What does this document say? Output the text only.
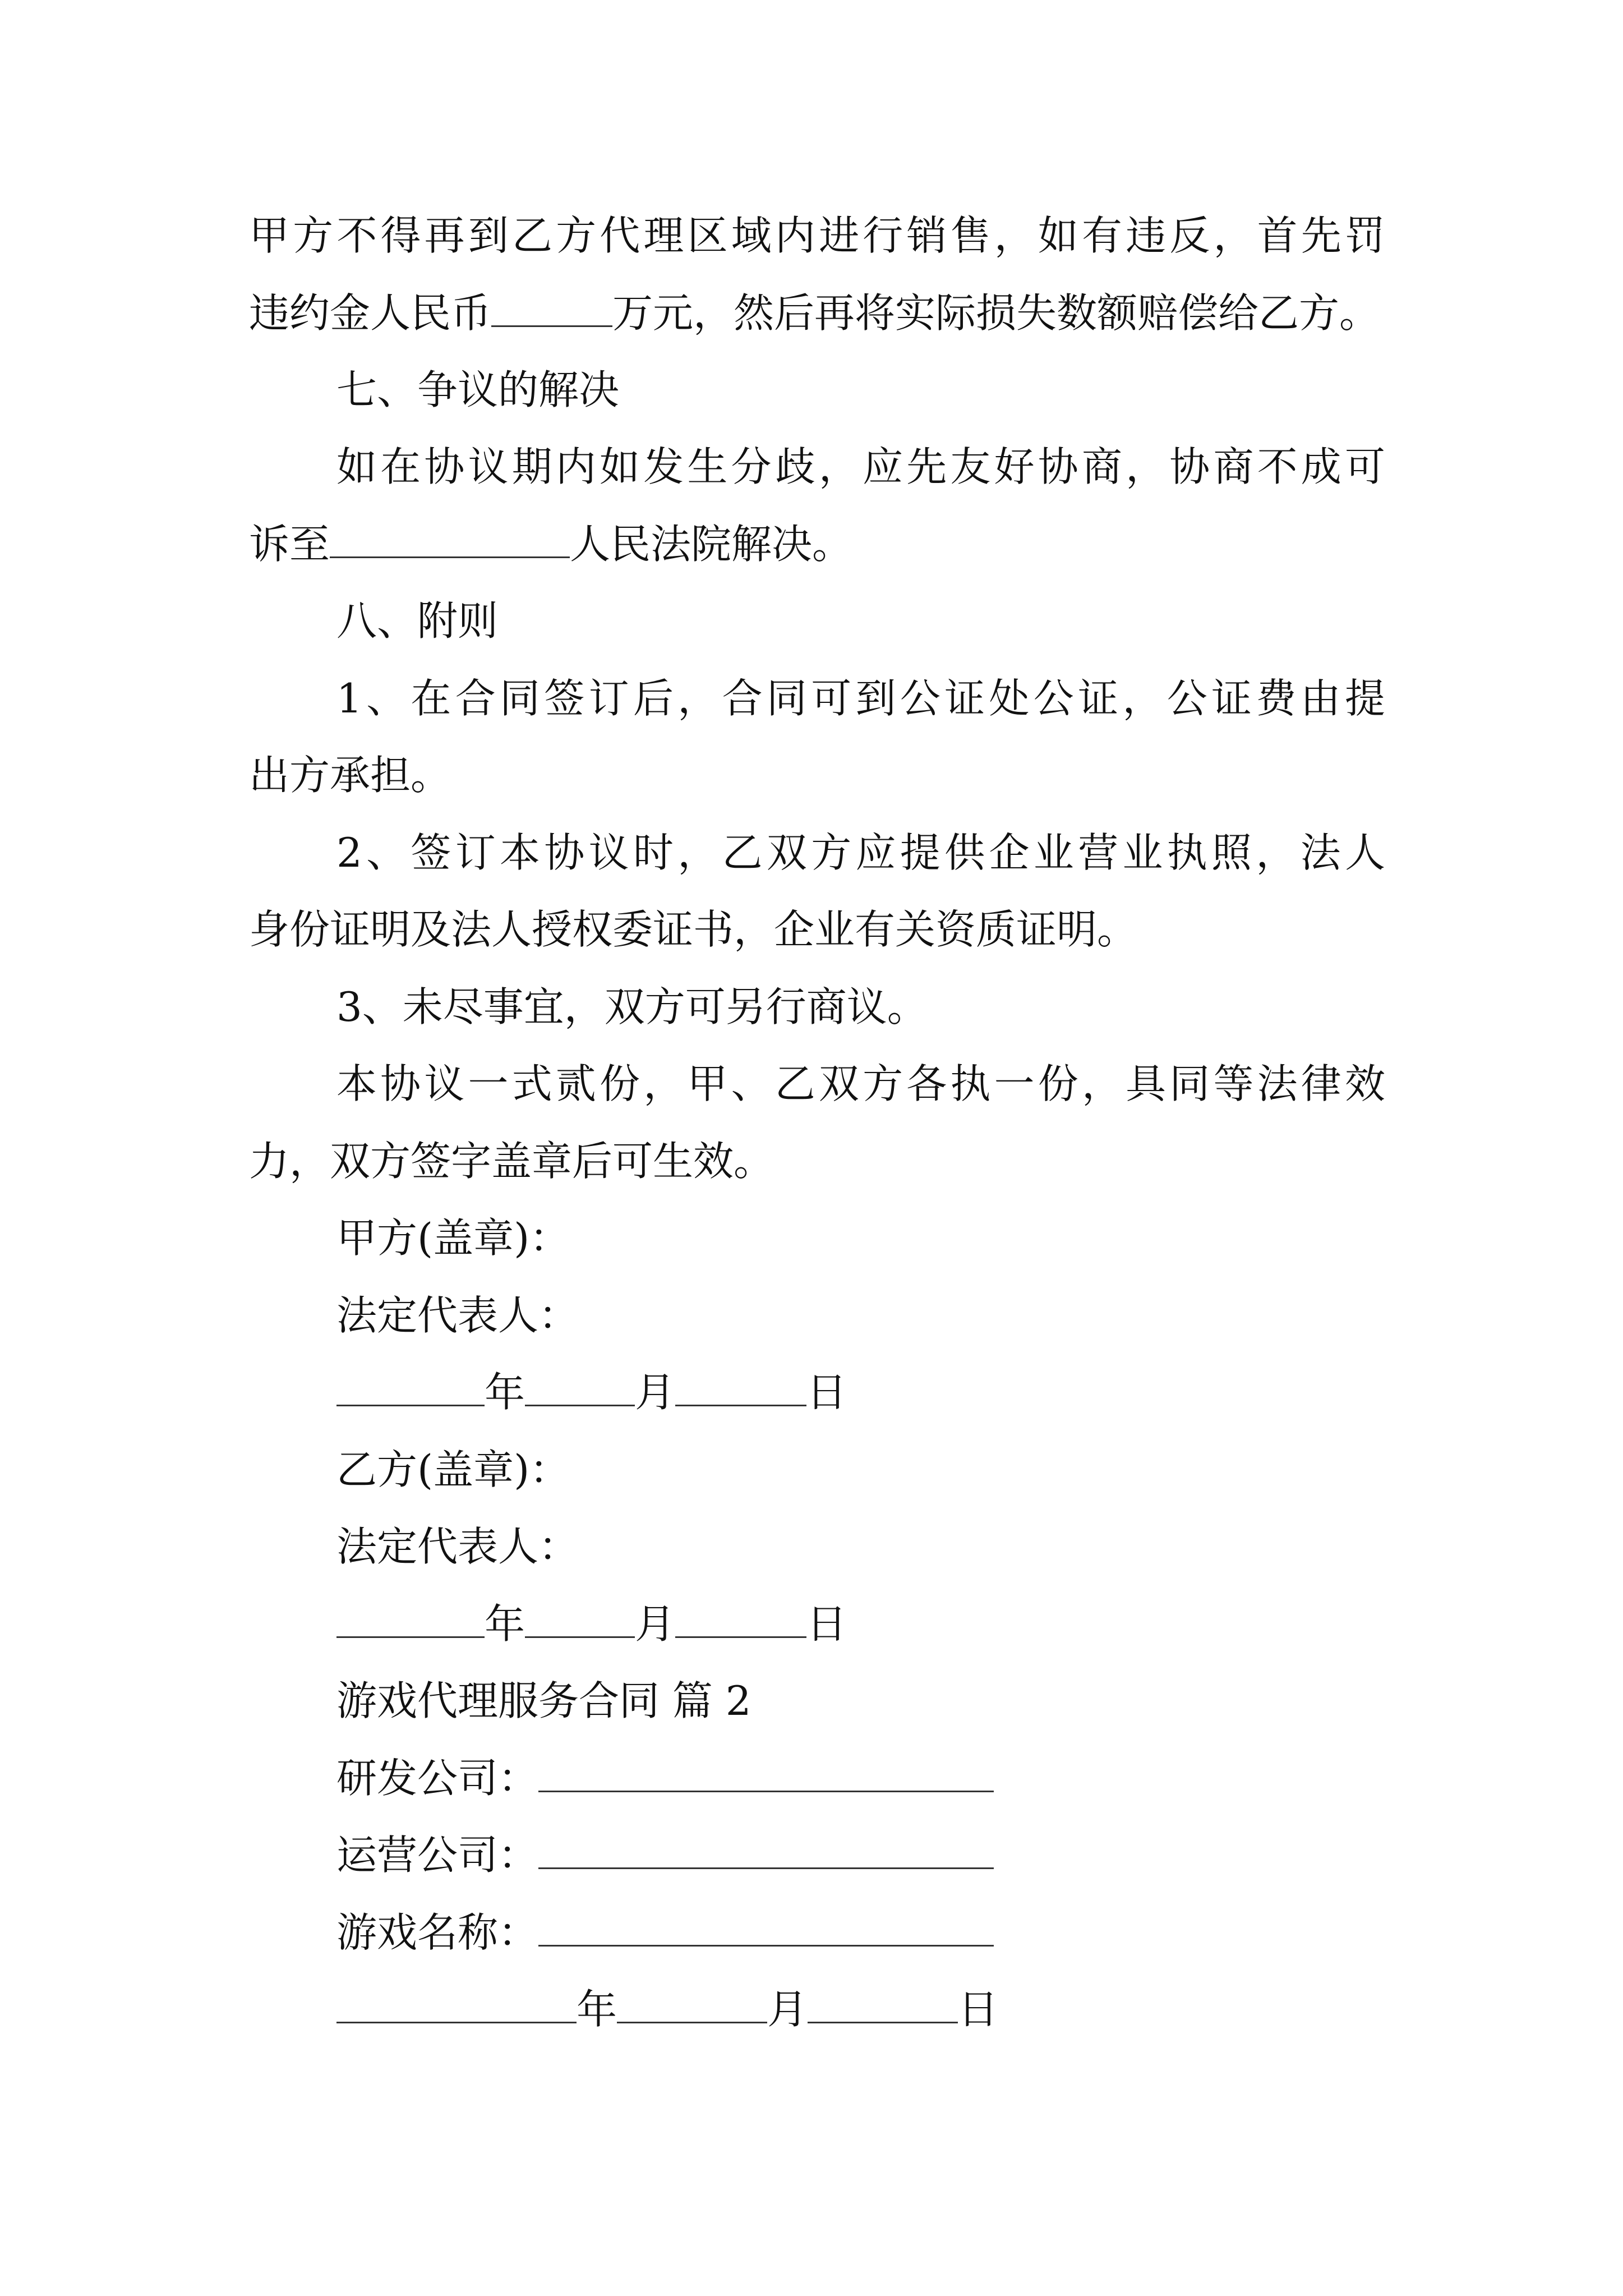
甲方不得再到乙方代理区域内进行销售，如有违反，首先罚
违约金人民币	万元，然后再将实际损失数额赔偿给乙方。
七、争议的解决
如在协议期内如发生分歧，应先友好协商，协商不成可
诉至	人民法院解决。
八、附则
1、在合同签订后，合同可到公证处公证，公证费由提
出方承担。
2、签订本协议时，乙双方应提供企业营业执照，法人
身份证明及法人授权委证书，企业有关资质证明。
3、未尽事宜，双方可另行商议。
本协议一式贰份，甲、乙双方各执一份，具同等法律效
力，双方签字盖章后可生效。
甲方(盖章)：
法定代表人：
年	月	日
乙方(盖章)：
法定代表人：
年	月	日
游戏代理服务合同 篇 2
研发公司：
运营公司：
游戏名称：
年	月	日
